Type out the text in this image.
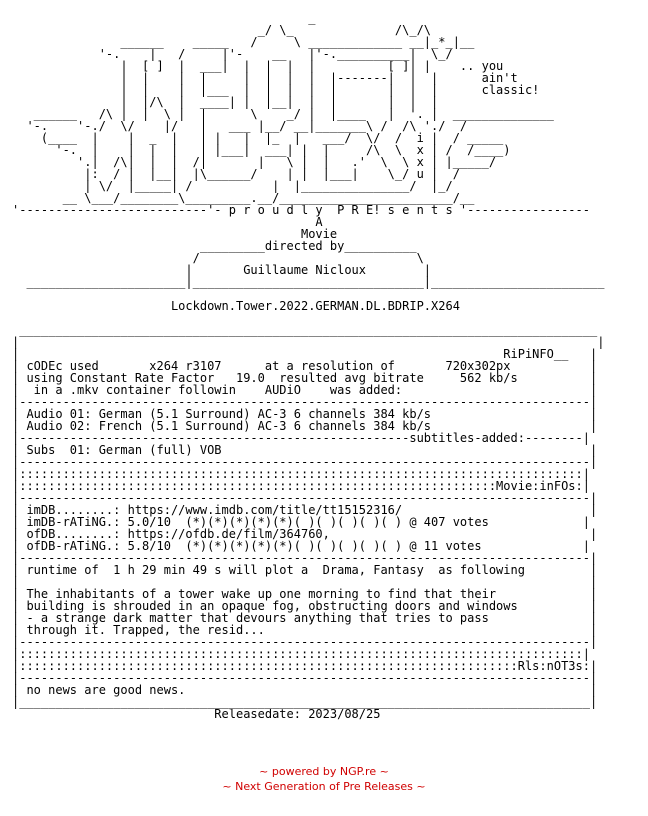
_
_/ \_              /\_/\
______    _____   /     \ _____________ __|_*_|__
'-.    |   /     |'-    __   |'-.__________|  \_/
|  [ ]  |  ___|  |  |  |  |          [ ]| |    .. you
|  |    |  |     |  |  |  |  |-------|  |  |      ain't
|  |    |  |___  |  |  |  |  |       |  |  |      classic!
|  |/\  |  ____| |  |__|  |  |       |  |  |
______   /\ |  |  \ |  |      \    _/ |  |____   |  '. |  ______________
'-.    '-./  \/    |/   |   ___ |__/ __|_______\ /  /\ './  /
(____  |    |  _  |   | |   |  |_  |   ___/  \/  /  i |  / _____
'-.  |    |  |  |   | |___|  ___| |  |     /\  \  x | /  /____)
'.|  /\|  |  |  /|       |   \ |  |   .'  \  \ x | |_____/
|:  / |  |__|  |\______/    | |  |___|    \_/ u |  /
| \/  |_____| /           |  |_______________/  |_/
__ \___/________\_________.__/________________________/__
'--------------------------'- p r o u d l y  P R E! s e n t s '-----------------
A
Movie
_________directed by__________
/                              \
|       Guillaume Nicloux        |
______________________|________________________________|________________________

Lockdown.Tower.2022.GERMAN.DL.BDRIP.X264

________________________________________________________________________________
|                                                                                |
|                                                                   RiPiNFO__   |
| cODEc used       x264 r3107      at a resolution of       720x302px           |
| using Constant Rate Factor   19.0  resulted avg bitrate     562 kb/s          |
|  in a .mkv container followin    AUDiO    was added:                          |
|-------------------------------------------------------------------------------|
| Audio 01: German (5.1 Surround) AC-3 6 channels 384 kb/s                      |
| Audio 02: French (5.1 Surround) AC-3 6 channels 384 kb/s                      |
|------------------------------------------------------subtitles-added:--------|
| Subs  01: German (full) VOB                                                   |
|-------------------------------------------------------------------------------|
|::::::::::::::::::::::::::::::::::::::::::::::::::::::::::::::::::::::::::::::|
|::::::::::::::::::::::::::::::::::::::::::::::::::::::::::::::::::Movie:inFOs:|
|-------------------------------------------------------------------------------|
| imDB........: https://www.imdb.com/title/tt15152316/                          |
| imDB-rATiNG.: 5.0/10  (*)(*)(*)(*)(*)( )( )( )( )( ) @ 407 votes             |
| ofDB........: https://ofdb.de/film/364760,                                    |
| ofDB-rATiNG.: 5.8/10  (*)(*)(*)(*)(*)( )( )( )( )( ) @ 11 votes              |
|-------------------------------------------------------------------------------|
| runtime of  1 h 29 min 49 s will plot a  Drama, Fantasy  as following         |
|                                                                               |
| The inhabitants of a tower wake up one morning to find that their             |
| building is shrouded in an opaque fog, obstructing doors and windows          |
| - a strange dark matter that devours anything that tries to pass              |
| through it. Trapped, the resid...                                             |
|-------------------------------------------------------------------------------|
|::::::::::::::::::::::::::::::::::::::::::::::::::::::::::::::::::::::::::::::|
|:::::::::::::::::::::::::::::::::::::::::::::::::::::::::::::::::::::Rls:nOT3s:|
|-------------------------------------------------------------------------------|
| no news are good news.                                                        |
|_______________________________________________________________________________|
Releasedate: 2023/08/25
~ powered by NGP.re ~
~ Next Generation of Pre Releases ~
